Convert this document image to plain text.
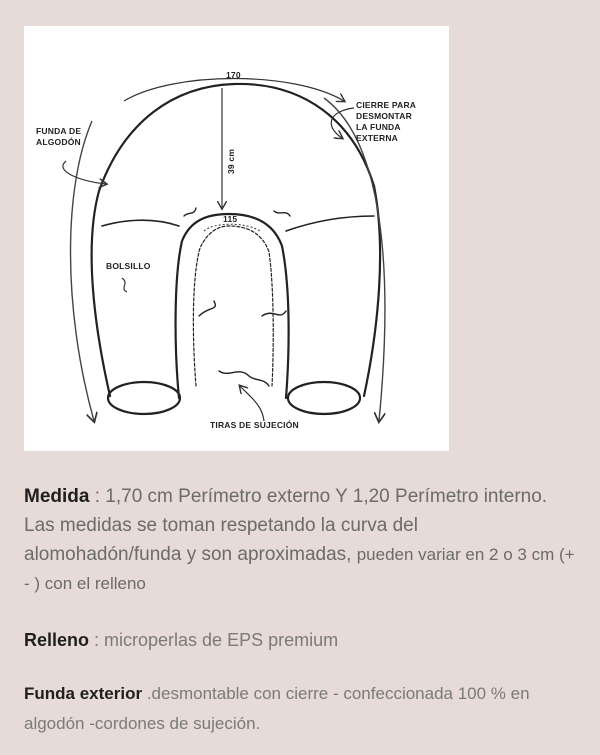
170
39 cm
115
FUNDA DE
ALGODÓN
CIERRE PARA
DESMONTAR
LA FUNDA
EXTERNA
BOLSILLO
TIRAS DE SUJECIÓN
Medida : 1,70 cm Perímetro externo Y 1,20 Perímetro interno. Las medidas se toman respetando la curva del alomohadón/funda y son aproximadas, pueden variar en 2 o 3 cm (+ - ) con el relleno
Relleno : microperlas de EPS premium
Funda exterior .desmontable con cierre - confeccionada 100 % en algodón -cordones de sujeción.
